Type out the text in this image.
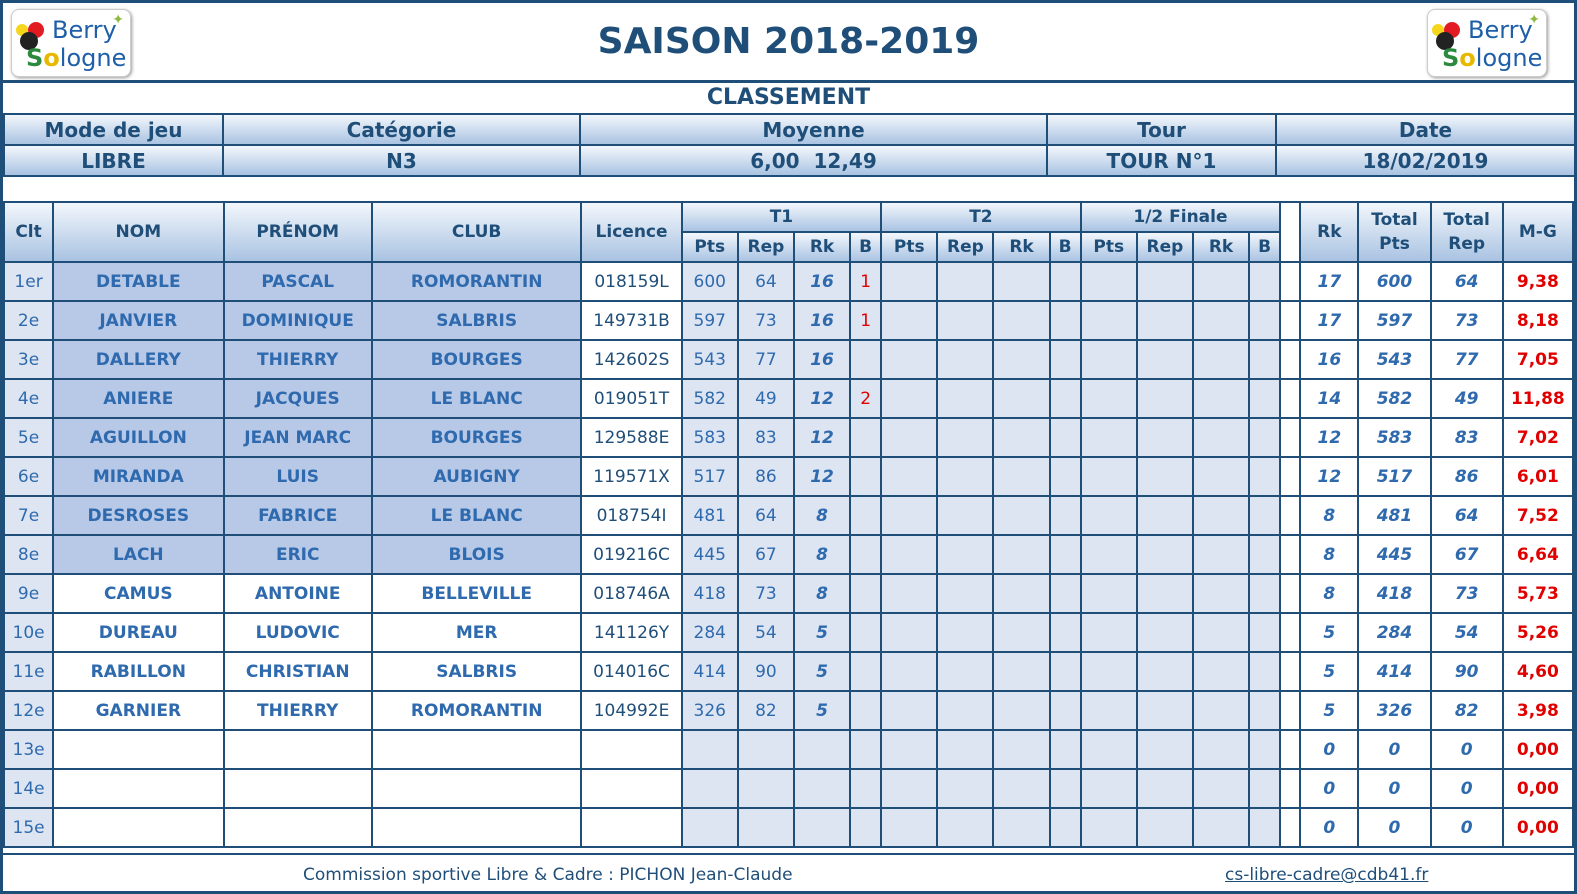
✦
Berry
Sologne
✦
Berry
Sologne
SAISON 2018-2019
CLASSEMENT
Mode de jeu	Catégorie	Moyenne	Tour	Date
LIBRE	N3	6,00  12,49	TOUR N°1	18/02/2019
Clt	NOM	PRÉNOM	CLUB	Licence	T1				T2				1/2 Finale					Rk	Total Pts	Total Rep	M-G
					Pts	Rep	Rk	B	Pts	Rep	Rk	B	Pts	Rep	Rk	B					
1er	DETABLE	PASCAL	ROMORANTIN	018159L	600	64	16	1										17	600	64	9,38
2e	JANVIER	DOMINIQUE	SALBRIS	149731B	597	73	16	1										17	597	73	8,18
3e	DALLERY	THIERRY	BOURGES	142602S	543	77	16											16	543	77	7,05
4e	ANIERE	JACQUES	LE BLANC	019051T	582	49	12	2										14	582	49	11,88
5e	AGUILLON	JEAN MARC	BOURGES	129588E	583	83	12											12	583	83	7,02
6e	MIRANDA	LUIS	AUBIGNY	119571X	517	86	12											12	517	86	6,01
7e	DESROSES	FABRICE	LE BLANC	018754I	481	64	8											8	481	64	7,52
8e	LACH	ERIC	BLOIS	019216C	445	67	8											8	445	67	6,64
9e	CAMUS	ANTOINE	BELLEVILLE	018746A	418	73	8											8	418	73	5,73
10e	DUREAU	LUDOVIC	MER	141126Y	284	54	5											5	284	54	5,26
11e	RABILLON	CHRISTIAN	SALBRIS	014016C	414	90	5											5	414	90	4,60
12e	GARNIER	THIERRY	ROMORANTIN	104992E	326	82	5											5	326	82	3,98
13e																		0	0	0	0,00
14e																		0	0	0	0,00
15e																		0	0	0	0,00
Commission sportive Libre & Cadre : PICHON Jean-Claude	cs-libre-cadre@cdb41.fr
